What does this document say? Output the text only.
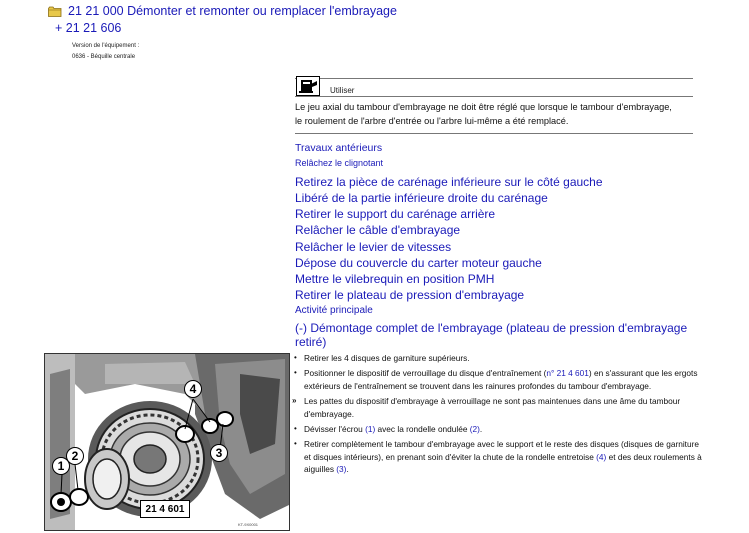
21 21 000 Démonter et remonter ou remplacer l'embrayage
+ 21 21 606
Version de l'équipement :
0636 - Béquille centrale
Utiliser
Le jeu axial du tambour d'embrayage ne doit être réglé que lorsque le tambour d'embrayage,
le roulement de l'arbre d'entrée ou l'arbre lui-même a été remplacé.
Travaux antérieurs
Relâchez le clignotant
Retirez la pièce de carénage inférieure sur le côté gauche
Libéré de la partie inférieure droite du carénage
Retirer le support du carénage arrière
Relâcher le câble d'embrayage
Relâcher le levier de vitesses
Dépose du couvercle du carter moteur gauche
Mettre le vilebrequin en position PMH
Retirer le plateau de pression d'embrayage
Activité principale
(-) Démontage complet de l'embrayage (plateau de pression d'embrayage retiré)
• Retirer les 4 disques de garniture supérieurs.
• Positionner le dispositif de verrouillage du disque d'entraînement (n° 21 4 601) en s'assurant que les ergots extérieurs de l'entraînement se trouvent dans les rainures profondes du tambour d'embrayage.
» Les pattes du dispositif d'embrayage à verrouillage ne sont pas maintenues dans une âme du tambour d'embrayage.
• Dévisser l'écrou (1) avec la rondelle ondulée (2).
• Retirer complètement le tambour d'embrayage avec le support et le reste des disques (disques de garniture et disques intérieurs), en prenant soin d'éviter la chute de la rondelle entretoise (4) et des deux roulements à aiguilles (3).
1
2	3
4
21 4 601
KT-9X0001
